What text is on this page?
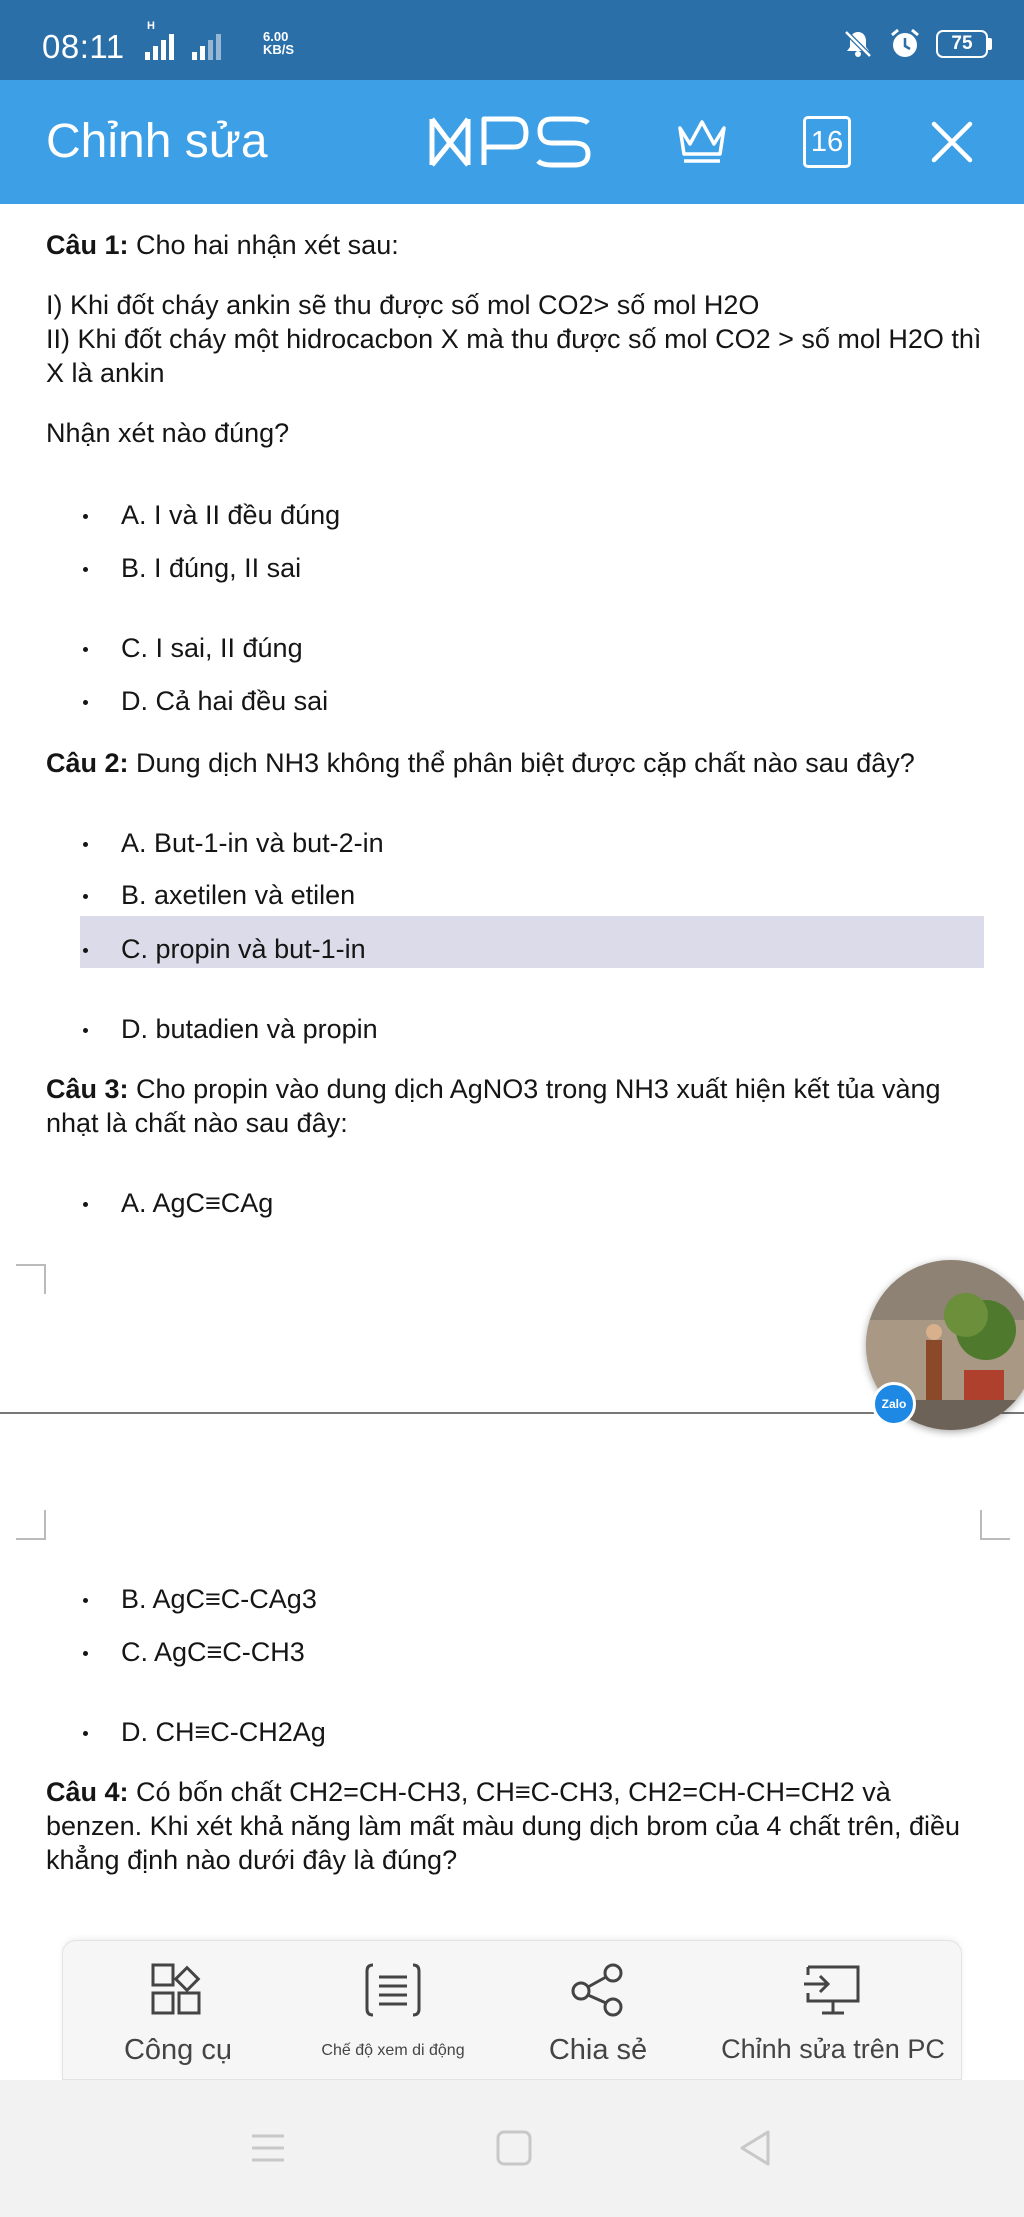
08:11
H
6.00
KB/S	75
Chỉnh sửa	WPS	16

Câu 1: Cho hai nhận xét sau:

I) Khi đốt cháy ankin sẽ thu được số mol CO2> số mol H2O

II) Khi đốt cháy một hidrocacbon X mà thu được số mol CO2 > số mol H2O thì X là ankin

Nhận xét nào đúng?

A. I và II đều đúng
B. I đúng, II sai
C. I sai, II đúng
D. Cả hai đều sai

Câu 2: Dung dịch NH3 không thể phân biệt được cặp chất nào sau đây?

A. But-1-in và but-2-in
B. axetilen và etilen
C. propin và but-1-in
D. butadien và propin

Câu 3: Cho propin vào dung dịch AgNO3 trong NH3 xuất hiện kết tủa vàng nhạt là chất nào sau đây:

A. AgC≡CAg
B. AgC≡C-CAg3
C. AgC≡C-CH3
D. CH≡C-CH2Ag

Câu 4: Có bốn chất CH2=CH-CH3, CH≡C-CH3, CH2=CH-CH=CH2 và benzen. Khi xét khả năng làm mất màu dung dịch brom của 4 chất trên, điều khẳng định nào dưới đây là đúng?

Zalo
Công cụ	Chế độ xem di động	Chia sẻ	Chỉnh sửa trên PC
